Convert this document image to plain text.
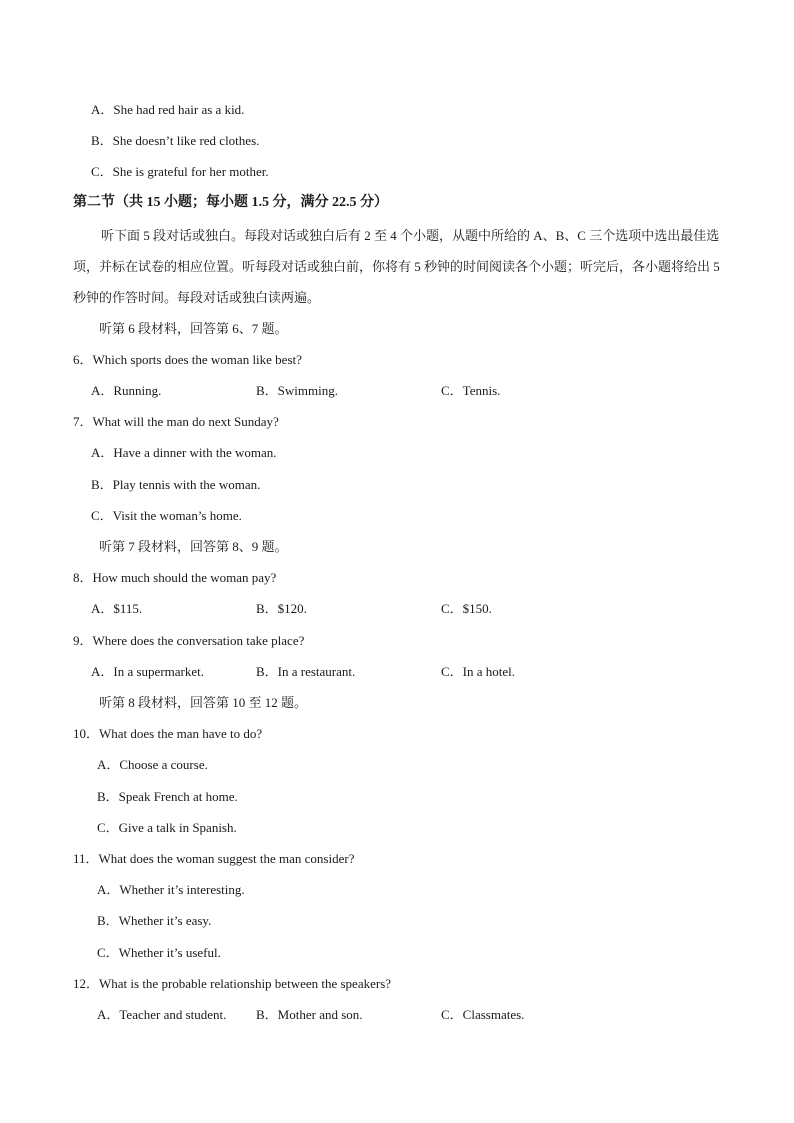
A．She had red hair as a kid.
B．She doesn’t like red clothes.
C．She is grateful for her mother.
第二节（共 15 小题；每小题 1.5 分，满分 22.5 分）
听下面 5 段对话或独白。每段对话或独白后有 2 至 4 个小题，从题中所给的 A、B、C 三个选项中选出最佳选项，并标在试卷的相应位置。听每段对话或独白前，你将有 5 秒钟的时间阅读各个小题；听完后，各小题将给出 5 秒钟的作答时间。每段对话或独白读两遍。
听第 6 段材料，回答第 6、7 题。
6．Which sports does the woman like best?
A．Running.	B．Swimming.	C．Tennis.
7．What will the man do next Sunday?
A．Have a dinner with the woman.
B．Play tennis with the woman.
C．Visit the woman’s home.
听第 7 段材料，回答第 8、9 题。
8．How much should the woman pay?
A．$115.	B．$120.	C．$150.
9．Where does the conversation take place?
A．In a supermarket.	B．In a restaurant.	C．In a hotel.
听第 8 段材料，回答第 10 至 12 题。
10．What does the man have to do?
A．Choose a course.
B．Speak French at home.
C．Give a talk in Spanish.
11．What does the woman suggest the man consider?
A．Whether it’s interesting.
B．Whether it’s easy.
C．Whether it’s useful.
12．What is the probable relationship between the speakers?
A．Teacher and student. B．Mother and son.	C．Classmates.
